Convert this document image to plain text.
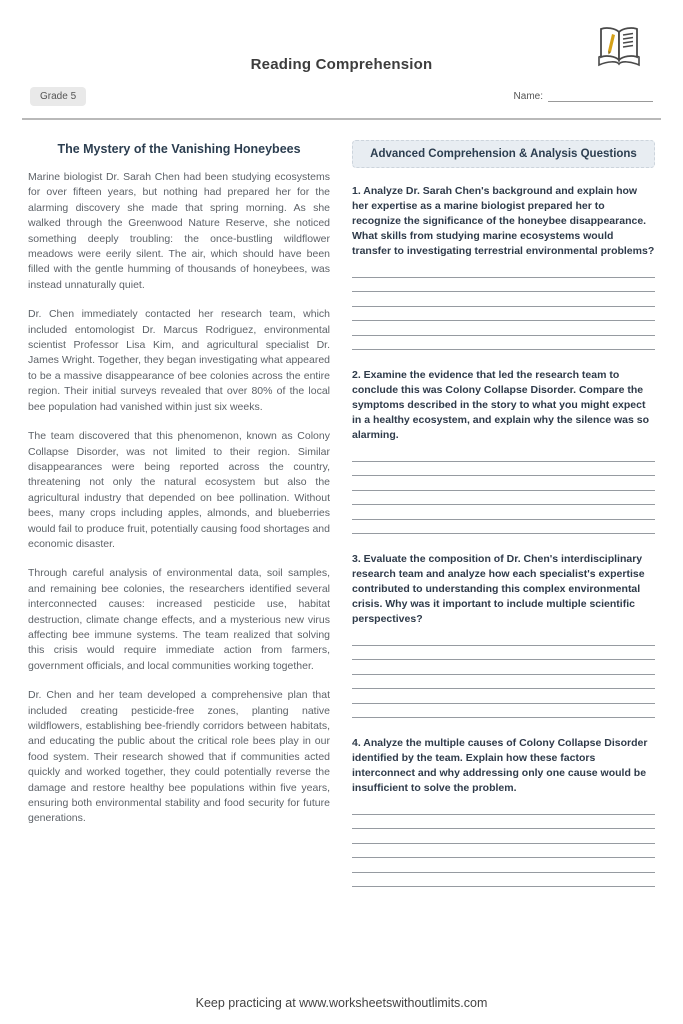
Reading Comprehension
Grade 5	Name:
The Mystery of the Vanishing Honeybees

Marine biologist Dr. Sarah Chen had been studying ecosystems for over fifteen years, but nothing had prepared her for the alarming discovery she made that spring morning. As she walked through the Greenwood Nature Reserve, she noticed something deeply troubling: the once-bustling wildflower meadows were eerily silent. The air, which should have been filled with the gentle humming of thousands of honeybees, was instead unnaturally quiet.

Dr. Chen immediately contacted her research team, which included entomologist Dr. Marcus Rodriguez, environmental scientist Professor Lisa Kim, and agricultural specialist Dr. James Wright. Together, they began investigating what appeared to be a massive disappearance of bee colonies across the entire region. Their initial surveys revealed that over 80% of the local bee population had vanished within just six weeks.

The team discovered that this phenomenon, known as Colony Collapse Disorder, was not limited to their region. Similar disappearances were being reported across the country, threatening not only the natural ecosystem but also the agricultural industry that depended on bee pollination. Without bees, many crops including apples, almonds, and blueberries would fail to produce fruit, potentially causing food shortages and economic disaster.

Through careful analysis of environmental data, soil samples, and remaining bee colonies, the researchers identified several interconnected causes: increased pesticide use, habitat destruction, climate change effects, and a mysterious new virus affecting bee immune systems. The team realized that solving this crisis would require immediate action from farmers, government officials, and local communities working together.

Dr. Chen and her team developed a comprehensive plan that included creating pesticide-free zones, planting native wildflowers, establishing bee-friendly corridors between habitats, and educating the public about the critical role bees play in our food system. Their research showed that if communities acted quickly and worked together, they could potentially reverse the damage and restore healthy bee populations within five years, ensuring both environmental stability and food security for future generations.

Advanced Comprehension & Analysis Questions

1. Analyze Dr. Sarah Chen's background and explain how her expertise as a marine biologist prepared her to recognize the significance of the honeybee disappearance. What skills from studying marine ecosystems would transfer to investigating terrestrial environmental problems?

2. Examine the evidence that led the research team to conclude this was Colony Collapse Disorder. Compare the symptoms described in the story to what you might expect in a healthy ecosystem, and explain why the silence was so alarming.

3. Evaluate the composition of Dr. Chen's interdisciplinary research team and analyze how each specialist's expertise contributed to understanding this complex environmental crisis. Why was it important to include multiple scientific perspectives?

4. Analyze the multiple causes of Colony Collapse Disorder identified by the team. Explain how these factors interconnect and why addressing only one cause would be insufficient to solve the problem.

Keep practicing at www.worksheetswithoutlimits.com
